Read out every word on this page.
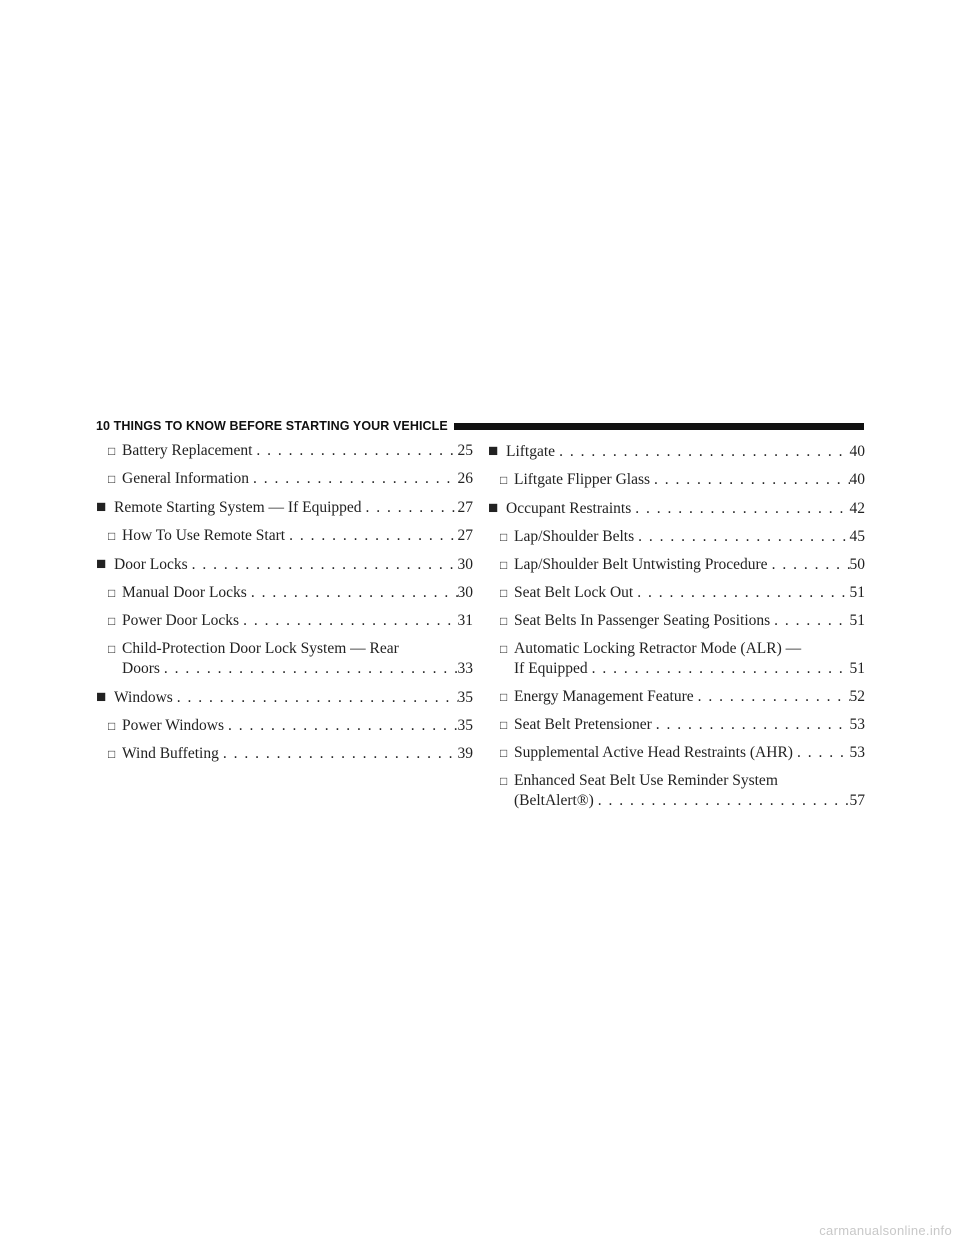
10 THINGS TO KNOW BEFORE STARTING YOUR VEHICLE
□ Battery Replacement . . .	25
□ General Information . . .	26
■ Remote Starting System — If Equipped . . .	27
□ How To Use Remote Start . . .	27
■ Door Locks . . .	30
□ Manual Door Locks . . .	30
□ Power Door Locks . . .	31
□ Child-Protection Door Lock System — Rear
Doors . . .	33
■ Windows . . .	35
□ Power Windows . . .	35
□ Wind Buffeting . . .	39
■ Liftgate . . .	40
□ Liftgate Flipper Glass . . .	40
■ Occupant Restraints . . .	42
□ Lap/Shoulder Belts . . .	45
□ Lap/Shoulder Belt Untwisting Procedure . . .	50
□ Seat Belt Lock Out . . .	51
□ Seat Belts In Passenger Seating Positions . . .	51
□ Automatic Locking Retractor Mode (ALR) —
If Equipped . . .	51
□ Energy Management Feature . . .	52
□ Seat Belt Pretensioner . . .	53
□ Supplemental Active Head Restraints (AHR) . . .	53
□ Enhanced Seat Belt Use Reminder System
(BeltAlert®) . . .	57
carmanualsonline.info
